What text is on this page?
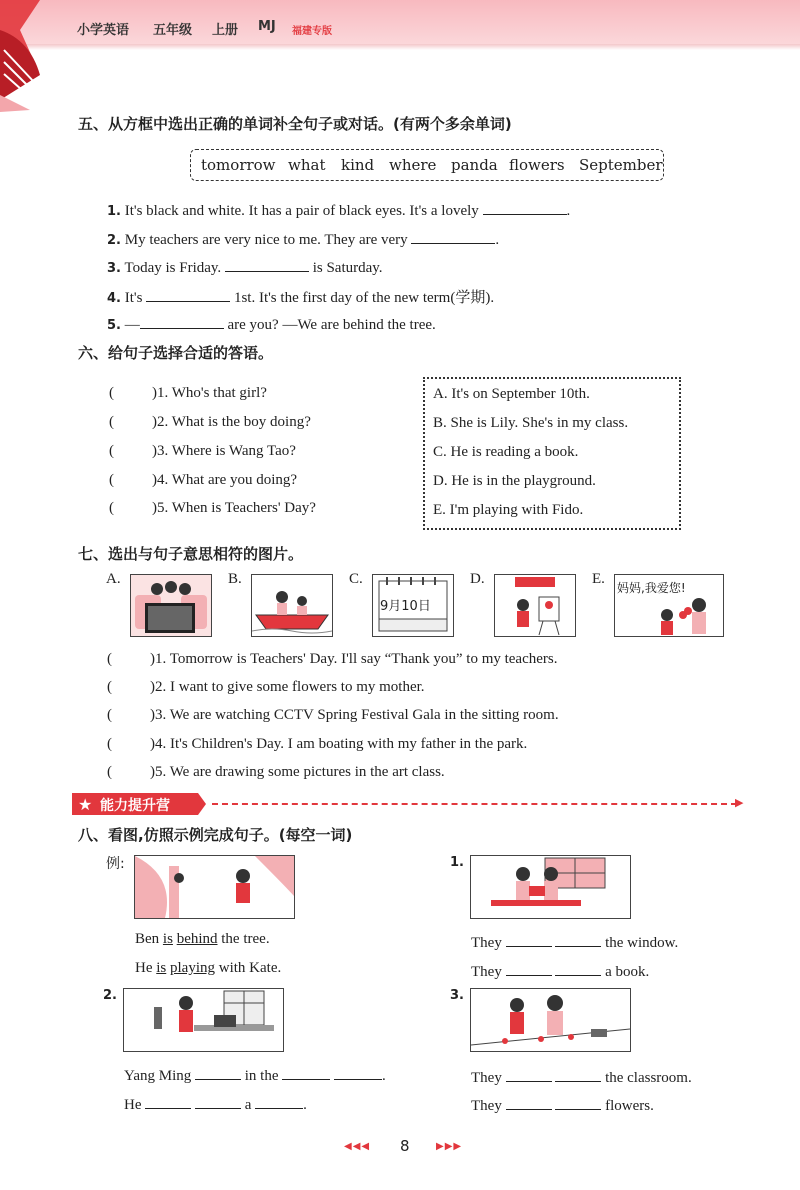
小学英语 五年级 上册 MJ 福建专版
五、从方框中选出正确的单词补全句子或对话。(有两个多余单词)
tomorrow what kind where panda flowers September
1. It's black and white. It has a pair of black eyes. It's a lovely	.
2. My teachers are very nice to me. They are very	.
3. Today is Friday.	is Saturday.
4. It's	1st. It's the first day of the new term(学期).
5. —	are you? —We are behind the tree.
六、给句子选择合适的答语。
(	)1. Who's that girl?
(	)2. What is the boy doing?
(	)3. Where is Wang Tao?
(	)4. What are you doing?
(	)5. When is Teachers' Day?
A. It's on September 10th.
B. She is Lily. She's in my class.
C. He is reading a book.
D. He is in the playground.
E. I'm playing with Fido.
七、选出与句子意思相符的图片。
A.	B.	C.
9月10日
D.	E.
妈妈,我爱您!
(	)1. Tomorrow is Teachers' Day. I'll say “Thank you” to my teachers.
(	)2. I want to give some flowers to my mother.
(	)3. We are watching CCTV Spring Festival Gala in the sitting room.
(	)4. It's Children's Day. I am boating with my father in the park.
(	)5. We are drawing some pictures in the art class.
★ 能力提升营	▶
八、看图,仿照示例完成句子。(每空一词)
例:
Ben is behind the tree.
He is playing with Kate.
1.
They	the window.
They	a book.
2.
Yang Ming	in the	.
He	a	.
3.
They	the classroom.
They	flowers.
◀◀◀ 8	▶▶▶
